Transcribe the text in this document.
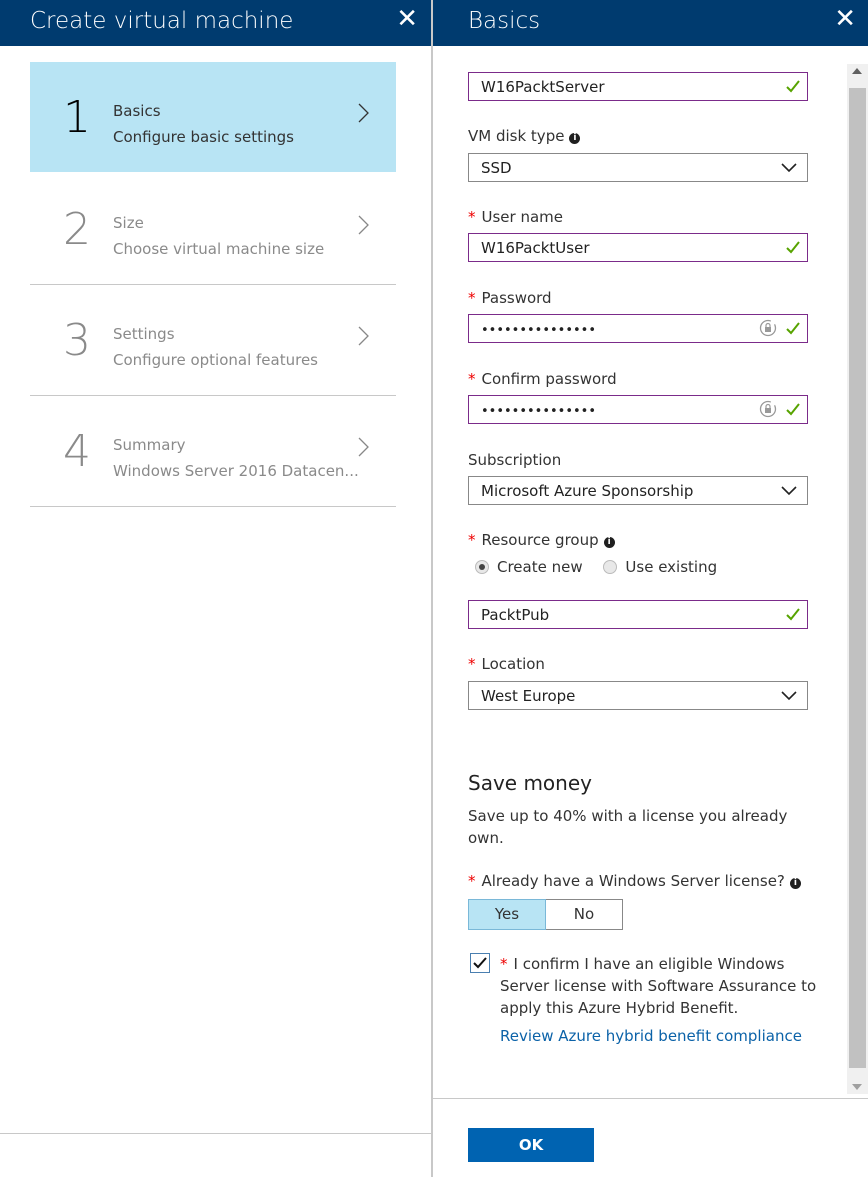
Create virtual machine	✕
1 Basics
Configure basic settings
2 Size
Choose virtual machine size
3 Settings
Configure optional features
4 Summary
Windows Server 2016 Datacen...
Basics	✕
W16PacktServer
VM disk type i
SSD
* User name
W16PacktUser
* Password
•••••••••••••••
* Confirm password
•••••••••••••••
Subscription
Microsoft Azure Sponsorship
* Resource group i
Create new
	Use existing
PacktPub
* Location
West Europe
Save money
Save up to 40% with a license you already own.
* Already have a Windows Server license? i
Yes	No
* I confirm I have an eligible Windows Server license with Software Assurance to apply this Azure Hybrid Benefit.
Review Azure hybrid benefit compliance
OK
